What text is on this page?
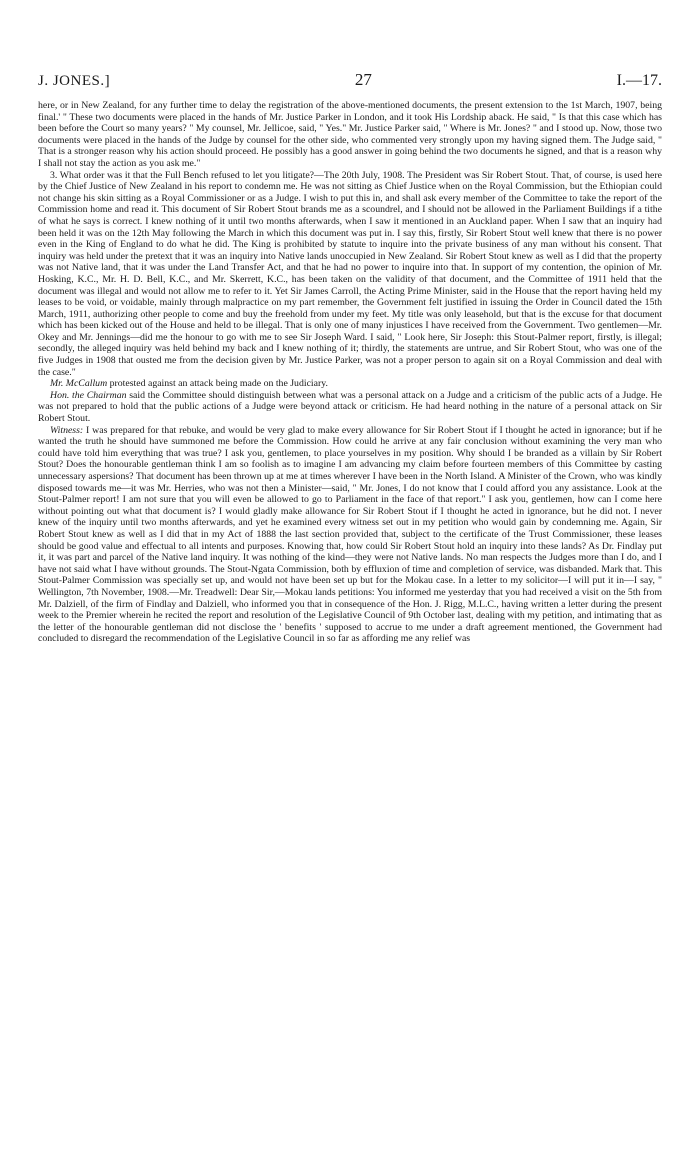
J. JONES.]	27	I.—17.

here, or in New Zealand, for any further time to delay the registration of the above-mentioned documents, the present extension to the 1st March, 1907, being final.' " These two documents were placed in the hands of Mr. Justice Parker in London, and it took His Lordship aback. He said, " Is that this case which has been before the Court so many years? " My counsel, Mr. Jellicoe, said, " Yes." Mr. Justice Parker said, " Where is Mr. Jones? " and I stood up. Now, those two documents were placed in the hands of the Judge by counsel for the other side, who commented very strongly upon my having signed them. The Judge said, " That is a stronger reason why his action should proceed. He possibly has a good answer in going behind the two documents he signed, and that is a reason why I shall not stay the action as you ask me."

3. What order was it that the Full Bench refused to let you litigate?—The 20th July, 1908. The President was Sir Robert Stout. That, of course, is used here by the Chief Justice of New Zealand in his report to condemn me. He was not sitting as Chief Justice when on the Royal Commission, but the Ethiopian could not change his skin sitting as a Royal Commissioner or as a Judge. I wish to put this in, and shall ask every member of the Committee to take the report of the Commission home and read it. This document of Sir Robert Stout brands me as a scoundrel, and I should not be allowed in the Parliament Buildings if a tithe of what he says is correct. I knew nothing of it until two months afterwards, when I saw it mentioned in an Auckland paper. When I saw that an inquiry had been held it was on the 12th May following the March in which this document was put in. I say this, firstly, Sir Robert Stout well knew that there is no power even in the King of England to do what he did. The King is prohibited by statute to inquire into the private business of any man without his consent. That inquiry was held under the pretext that it was an inquiry into Native lands unoccupied in New Zealand. Sir Robert Stout knew as well as I did that the property was not Native land, that it was under the Land Transfer Act, and that he had no power to inquire into that. In support of my contention, the opinion of Mr. Hosking, K.C., Mr. H. D. Bell, K.C., and Mr. Skerrett, K.C., has been taken on the validity of that document, and the Committee of 1911 held that the document was illegal and would not allow me to refer to it. Yet Sir James Carroll, the Acting Prime Minister, said in the House that the report having held my leases to be void, or voidable, mainly through malpractice on my part remember, the Government felt justified in issuing the Order in Council dated the 15th March, 1911, authorizing other people to come and buy the freehold from under my feet. My title was only leasehold, but that is the excuse for that document which has been kicked out of the House and held to be illegal. That is only one of many injustices I have received from the Government. Two gentlemen—Mr. Okey and Mr. Jennings—did me the honour to go with me to see Sir Joseph Ward. I said, " Look here, Sir Joseph: this Stout-Palmer report, firstly, is illegal; secondly, the alleged inquiry was held behind my back and I knew nothing of it; thirdly, the statements are untrue, and Sir Robert Stout, who was one of the five Judges in 1908 that ousted me from the decision given by Mr. Justice Parker, was not a proper person to again sit on a Royal Commission and deal with the case."

Mr. McCallum protested against an attack being made on the Judiciary.

Hon. the Chairman said the Committee should distinguish between what was a personal attack on a Judge and a criticism of the public acts of a Judge. He was not prepared to hold that the public actions of a Judge were beyond attack or criticism. He had heard nothing in the nature of a personal attack on Sir Robert Stout.

Witness: I was prepared for that rebuke, and would be very glad to make every allowance for Sir Robert Stout if I thought he acted in ignorance; but if he wanted the truth he should have summoned me before the Commission. How could he arrive at any fair conclusion without examining the very man who could have told him everything that was true? I ask you, gentlemen, to place yourselves in my position. Why should I be branded as a villain by Sir Robert Stout? Does the honourable gentleman think I am so foolish as to imagine I am advancing my claim before fourteen members of this Committee by casting unnecessary aspersions? That document has been thrown up at me at times wherever I have been in the North Island. A Minister of the Crown, who was kindly disposed towards me—it was Mr. Herries, who was not then a Minister—said, " Mr. Jones, I do not know that I could afford you any assistance. Look at the Stout-Palmer report! I am not sure that you will even be allowed to go to Parliament in the face of that report." I ask you, gentlemen, how can I come here without pointing out what that document is? I would gladly make allowance for Sir Robert Stout if I thought he acted in ignorance, but he did not. I never knew of the inquiry until two months afterwards, and yet he examined every witness set out in my petition who would gain by condemning me. Again, Sir Robert Stout knew as well as I did that in my Act of 1888 the last section provided that, subject to the certificate of the Trust Commissioner, these leases should be good value and effectual to all intents and purposes. Knowing that, how could Sir Robert Stout hold an inquiry into these lands? As Dr. Findlay put it, it was part and parcel of the Native land inquiry. It was nothing of the kind—they were not Native lands. No man respects the Judges more than I do, and I have not said what I have without grounds. The Stout-Ngata Commission, both by effluxion of time and completion of service, was disbanded. Mark that. This Stout-Palmer Commission was specially set up, and would not have been set up but for the Mokau case. In a letter to my solicitor—I will put it in—I say, " Wellington, 7th November, 1908.—Mr. Treadwell: Dear Sir,—Mokau lands petitions: You informed me yesterday that you had received a visit on the 5th from Mr. Dalziell, of the firm of Findlay and Dalziell, who informed you that in consequence of the Hon. J. Rigg, M.L.C., having written a letter during the present week to the Premier wherein he recited the report and resolution of the Legislative Council of 9th October last, dealing with my petition, and intimating that as the letter of the honourable gentleman did not disclose the ' benefits ' supposed to accrue to me under a draft agreement mentioned, the Government had concluded to disregard the recommendation of the Legislative Council in so far as affording me any relief was
